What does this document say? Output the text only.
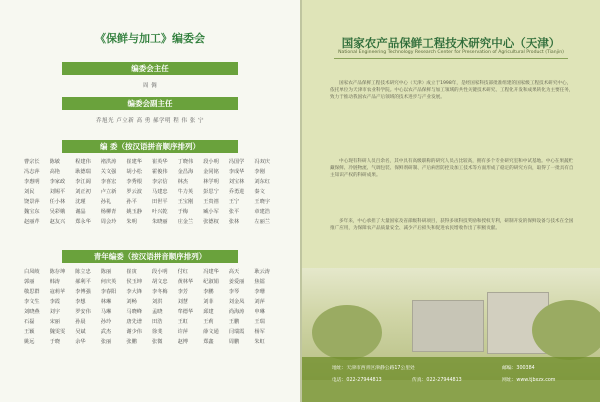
《保鲜与加工》编委会
编委会主任
周 倜
编委会副主任
乔旭光 卢立新 高 勇 郝学明 程 伟 张 宁
编 委（按汉语拼音顺序排列）
曹宗长	陈敏	程建伟	褚洪涛	崔建华	崔英华	丁晓伟	段小明	冯国学	冯双庆
冯志萍	高艳	耿德瑞	关文强	胡小松	霍俊伟	金昌海	金同铭	李成华	李刚
李惠明	李家政	李江阔	李喜宏	李秀根	李宗信	林杰	林学明	刘宝林	刘东红
刘民	刘锡平	刘正初	卢立新	罗云波	马建忠	牛力英	彭思宁	乔勇进	秦文
饶景萍	任小林	沈瑾	孙礼	孙平	田世平	王宝刚	王贵禧	王宁	王晓宇
魏宝东	吴彩娥	谢晶	杨柳青	姚玉静	叶兴乾	于梅	臧小军	张平	章建浩
赵丽芹	赵友兴	郑永华	周会玲	朱明	朱晓丽	庄金兰	张德权	张林	左丽兰
青年编委（按汉语拼音顺序排列）
白凤岐	陈存坤	陈立忠	陈丽	崔寅	段小明	付红	冯建华	高天	耿云涛
郭丽	韩涛	郝利平	何庆英	侯玉坤	胡文忠	黄林华	纪淑娟	姜爱丽	焦镭
敬思群	寇莉苹	李博强	李春阳	李大锋	李冬梅	李芳	李鹏	李琴	李珊
李文生	李霞	李想	林琳	刘畅	刘洪	刘慧	刘菲	刘金凤	刘萍
刘晓燕	刘宇	罗安伟	马琳	马晓峰	孟晓	牟德华	邱建	尚海涛	申琳
石磊	宋丽	孙晨	孙玲	唐先谱	田浩	王虹	王莉	王鹏	王瑞
王颖	魏雯雯	吴斌	武杰	谢少伟	徐斐	许萍	薛文通	闫瑞霞	杨军
姚远	于晓	余华	张丽	张鹏	张微	赵博	郑鑫	周鹏	朱虹
国家农产品保鲜工程技术研究中心（天津）
National Engineering Technology Research Center for Preservation of Agricultural Product (Tianjin)
国家农产品保鲜工程技术研究中心（天津）成立于1998年，是经国家科技部批准组建的国家级工程技术研究中心，依托单位为天津市农业科学院。中心以农产品保鲜与加工领域的共性关键技术研究、工程化开发和成果转化为主要任务，致力于推动我国农产品产后领域的技术进步与产业发展。
中心现有科研人员百余名，其中具有高级职称的研究人员占比较高，拥有多个专业研究室和中试基地。中心在果蔬贮藏保鲜、冷链物流、气调包装、保鲜剂研制、产后病害防控及加工技术等方面形成了稳定的研究方向，取得了一批具有自主知识产权的科研成果。
多年来，中心承担了大量国家及省部级科研项目，获得多项科技奖励和授权专利，研制开发的保鲜设备与技术在全国推广应用，为保障农产品质量安全、减少产后损失和促进农民增收作出了积极贡献。
地址：天津市西青区津静公路17公里处	邮编：300384
电话：022-27944813	传真：022-27944813	网址：www.tjbxzx.com
